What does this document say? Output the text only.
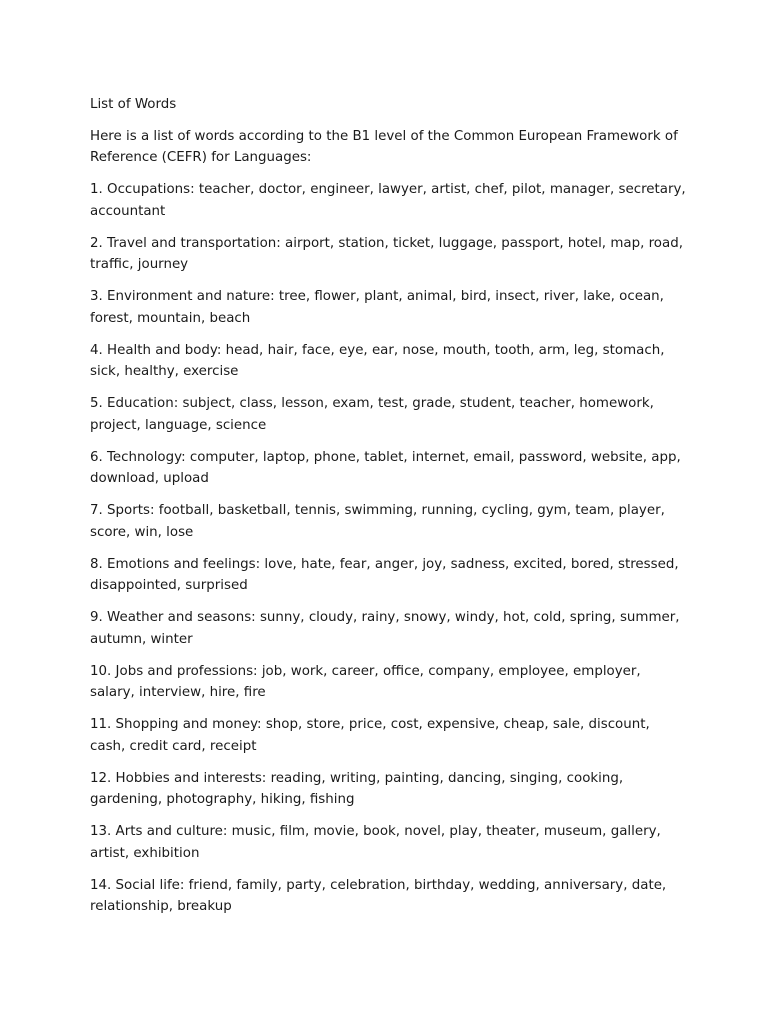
List of Words

Here is a list of words according to the B1 level of the Common European Framework of Reference (CEFR) for Languages:

1. Occupations: teacher, doctor, engineer, lawyer, artist, chef, pilot, manager, secretary, accountant
2. Travel and transportation: airport, station, ticket, luggage, passport, hotel, map, road, traffic, journey
3. Environment and nature: tree, flower, plant, animal, bird, insect, river, lake, ocean, forest, mountain, beach
4. Health and body: head, hair, face, eye, ear, nose, mouth, tooth, arm, leg, stomach, sick, healthy, exercise
5. Education: subject, class, lesson, exam, test, grade, student, teacher, homework, project, language, science
6. Technology: computer, laptop, phone, tablet, internet, email, password, website, app, download, upload
7. Sports: football, basketball, tennis, swimming, running, cycling, gym, team, player, score, win, lose
8. Emotions and feelings: love, hate, fear, anger, joy, sadness, excited, bored, stressed, disappointed, surprised
9. Weather and seasons: sunny, cloudy, rainy, snowy, windy, hot, cold, spring, summer, autumn, winter
10. Jobs and professions: job, work, career, office, company, employee, employer, salary, interview, hire, fire
11. Shopping and money: shop, store, price, cost, expensive, cheap, sale, discount, cash, credit card, receipt
12. Hobbies and interests: reading, writing, painting, dancing, singing, cooking, gardening, photography, hiking, fishing
13. Arts and culture: music, film, movie, book, novel, play, theater, museum, gallery, artist, exhibition
14. Social life: friend, family, party, celebration, birthday, wedding, anniversary, date, relationship, breakup
